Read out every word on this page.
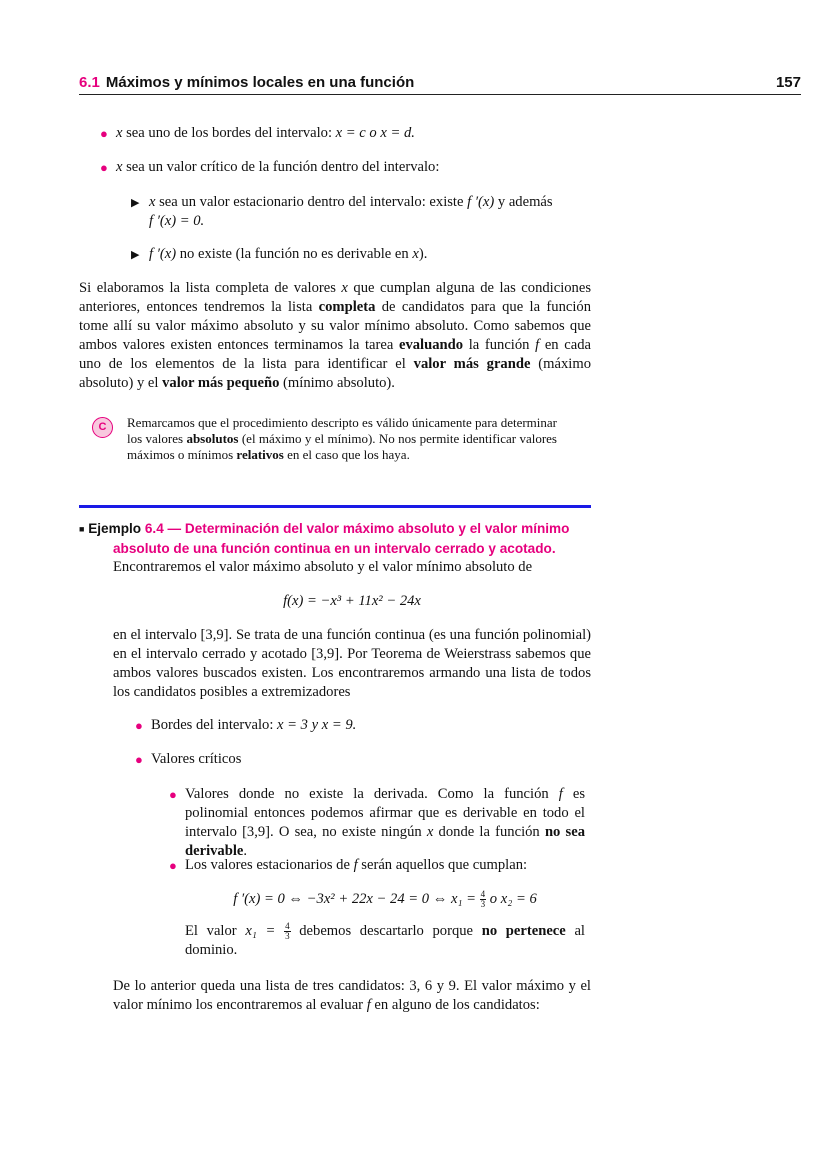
6.1 Máximos y mínimos locales en una función	157
● x sea uno de los bordes del intervalo: x = c o x = d.
● x sea un valor crítico de la función dentro del intervalo:
▶ x sea un valor estacionario dentro del intervalo: existe f ′(x) y además
f ′(x) = 0.
▶ f ′(x) no existe (la función no es derivable en x).
Si elaboramos la lista completa de valores x que cumplan alguna de las condiciones anteriores, entonces tendremos la lista completa de candidatos para que la función tome allí su valor máximo absoluto y su valor mínimo absoluto. Como sabemos que ambos valores existen entonces terminamos la tarea evaluando la función f en cada uno de los elementos de la lista para identificar el valor más grande (máximo absoluto) y el valor más pequeño (mínimo absoluto).
C	Remarcamos que el procedimiento descripto es válido únicamente para determinar los valores absolutos (el máximo y el mínimo). No nos permite identificar valores máximos o mínimos relativos en el caso que los haya.
■ Ejemplo 6.4 — Determinación del valor máximo absoluto y el valor mínimo absoluto de una función continua en un intervalo cerrado y acotado.
Encontraremos el valor máximo absoluto y el valor mínimo absoluto de
f(x) = −x³ + 11x² − 24x
en el intervalo [3,9]. Se trata de una función continua (es una función polinomial) en el intervalo cerrado y acotado [3,9]. Por Teorema de Weierstrass sabemos que ambos valores buscados existen. Los encontraremos armando una lista de todos los candidatos posibles a extremizadores
● Bordes del intervalo: x = 3 y x = 9.
● Valores críticos
● Valores donde no existe la derivada. Como la función f es polinomial entonces podemos afirmar que es derivable en todo el intervalo [3,9]. O sea, no existe ningún x donde la función no sea derivable.
● Los valores estacionarios de f serán aquellos que cumplan:
f ′(x) = 0 ⇔ −3x² + 22x − 24 = 0 ⇔ $x_1 = \frac{4}{3}$ o x₂ = 6
El valor $x_1 = \frac{4}{3}$ debemos descartarlo porque no pertenece al dominio.
De lo anterior queda una lista de tres candidatos: 3, 6 y 9. El valor máximo y el valor mínimo los encontraremos al evaluar f en alguno de los candidatos:
